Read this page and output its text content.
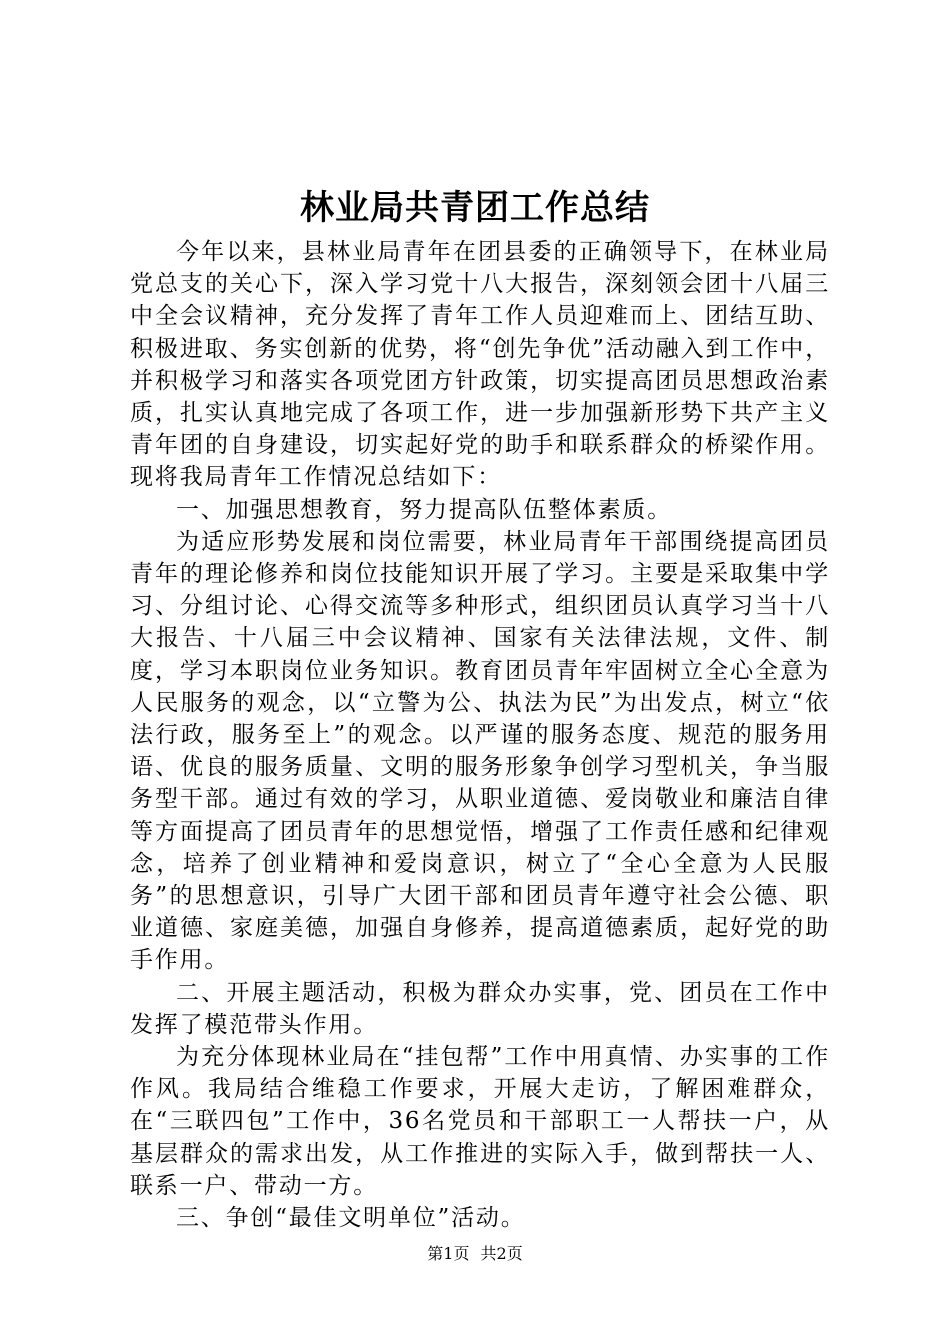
林业局共青团工作总结

今年以来，县林业局青年在团县委的正确领导下，在林业局党总支的关心下，深入学习党十八大报告，深刻领会团十八届三中全会议精神，充分发挥了青年工作人员迎难而上、团结互助、积极进取、务实创新的优势，将“创先争优”活动融入到工作中，并积极学习和落实各项党团方针政策，切实提高团员思想政治素质，扎实认真地完成了各项工作，进一步加强新形势下共产主义青年团的自身建设，切实起好党的助手和联系群众的桥梁作用。现将我局青年工作情况总结如下：

一、加强思想教育，努力提高队伍整体素质。

为适应形势发展和岗位需要，林业局青年干部围绕提高团员青年的理论修养和岗位技能知识开展了学习。主要是采取集中学习、分组讨论、心得交流等多种形式，组织团员认真学习当十八大报告、十八届三中会议精神、国家有关法律法规，文件、制度，学习本职岗位业务知识。教育团员青年牢固树立全心全意为人民服务的观念，以“立警为公、执法为民”为出发点，树立“依法行政，服务至上”的观念。以严谨的服务态度、规范的服务用语、优良的服务质量、文明的服务形象争创学习型机关，争当服务型干部。通过有效的学习，从职业道德、爱岗敬业和廉洁自律等方面提高了团员青年的思想觉悟，增强了工作责任感和纪律观念，培养了创业精神和爱岗意识，树立了“全心全意为人民服务”的思想意识，引导广大团干部和团员青年遵守社会公德、职业道德、家庭美德，加强自身修养，提高道德素质，起好党的助手作用。

二、开展主题活动，积极为群众办实事，党、团员在工作中发挥了模范带头作用。

为充分体现林业局在“挂包帮”工作中用真情、办实事的工作作风。我局结合维稳工作要求，开展大走访，了解困难群众，在“三联四包”工作中，36名党员和干部职工一人帮扶一户，从基层群众的需求出发，从工作推进的实际入手，做到帮扶一人、联系一户、带动一方。

三、争创“最佳文明单位”活动。

第1页 共2页
